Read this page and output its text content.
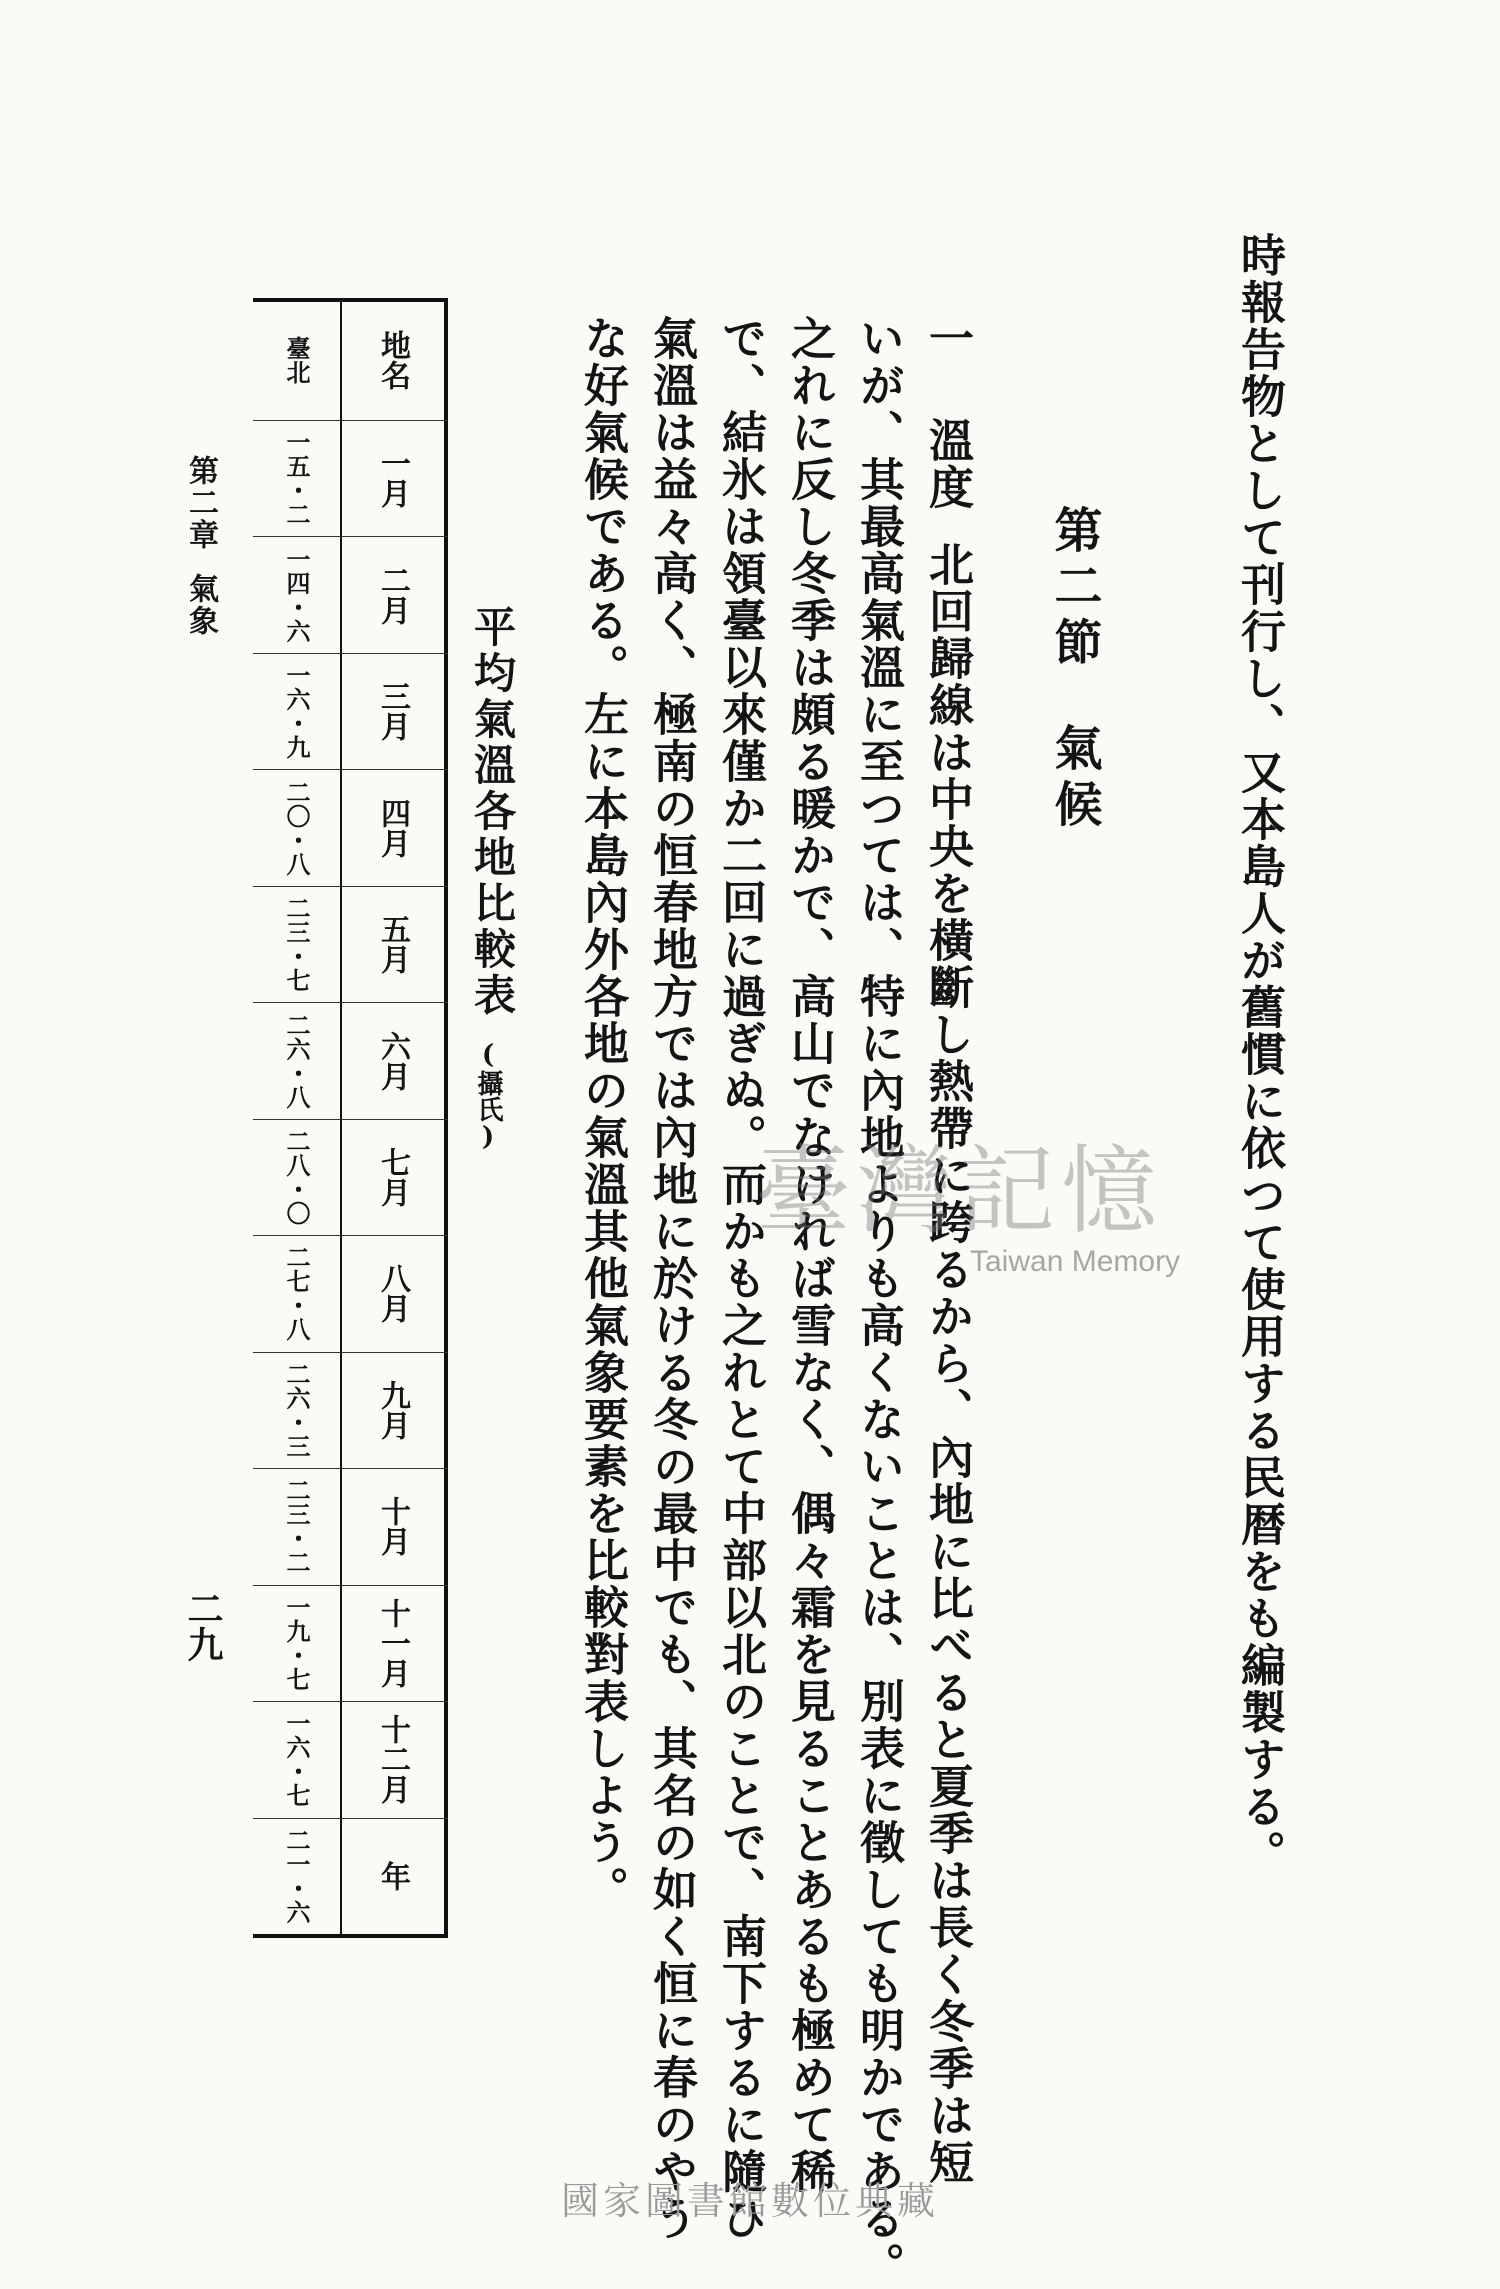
時報告物として刊行し、又本島人が舊慣に依つて使用する民暦をも編製する。
第二節氣候
一 溫度北回歸線は中央を橫斷し熱帶に跨るから、內地に比べると夏季は長く冬季は短
いが、其最高氣溫に至つては、特に內地よりも高くないことは、別表に徵しても明かである。
之れに反し冬季は頗る暖かで、高山でなければ雪なく、偶々霜を見ることあるも極めて稀
で、結氷は領臺以來僅か二回に過ぎぬ。而かも之れとて中部以北のことで、南下するに隨ひ
氣溫は益々高く、極南の恒春地方では內地に於ける冬の最中でも、其名の如く恒に春のやう
な好氣候である。左に本島內外各地の氣溫其他氣象要素を比較對表しよう。
平均氣溫各地比較表
(攝氏)
地名
一月
二月
三月
四月
五月
六月
七月
八月
九月
十月
十一月
十二月
年
臺北
一五・二
一四・六
一六・九
二〇・八
二三・七
二六・八
二八・〇
二七・八
二六・三
二三・二
一九・七
一六・七
二一・六
第二章氣象
二九
臺灣記憶
Taiwan Memory
國家圖書館數位典藏
